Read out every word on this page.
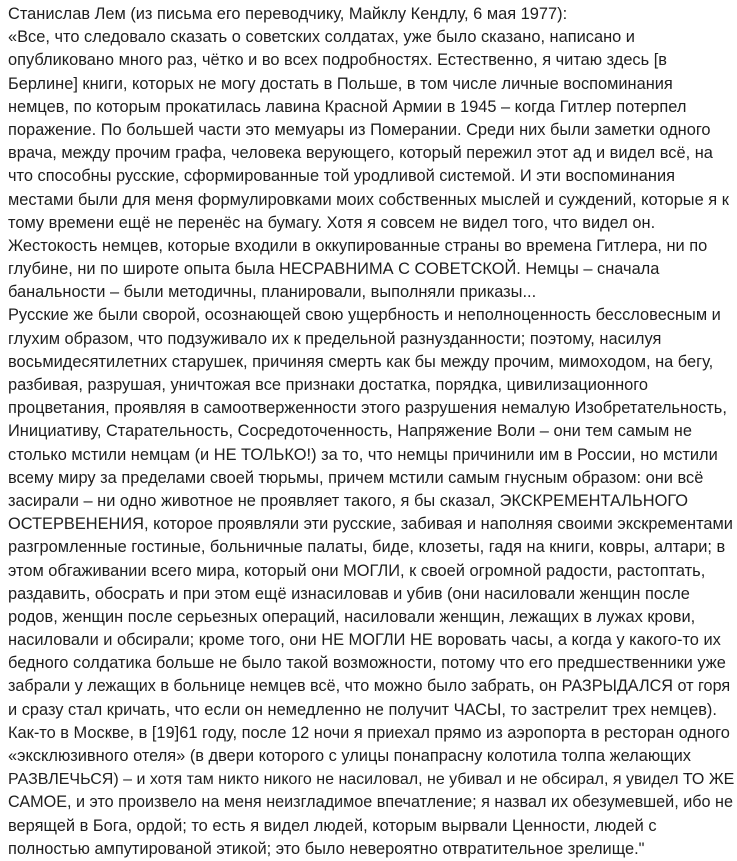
Станислав Лем (из письма его переводчику, Майклу Кендлу, 6 мая 1977):
«Все, что следовало сказать о советских солдатах, уже было сказано, написано и
опубликовано много раз, чётко и во всех подробностях. Естественно, я читаю здесь [в
Берлине] книги, которых не могу достать в Польше, в том числе личные воспоминания
немцев, по которым прокатилась лавина Красной Армии в 1945 – когда Гитлер потерпел
поражение. По большей части это мемуары из Померании. Среди них были заметки одного
врача, между прочим графа, человека верующего, который пережил этот ад и видел всё, на
что способны русские, сформированные той уродливой системой. И эти воспоминания
местами были для меня формулировками моих собственных мыслей и суждений, которые я к
тому времени ещё не перенёс на бумагу. Хотя я совсем не видел того, что видел он.
Жестокость немцев, которые входили в оккупированные страны во времена Гитлера, ни по
глубине, ни по широте опыта была НЕСРАВНИМА С СОВЕТСКОЙ. Немцы – сначала
банальности – были методичны, планировали, выполняли приказы...
Русские же были сворой, осознающей свою ущербность и неполноценность бессловесным и
глухим образом, что подзуживало их к предельной разнузданности; поэтому, насилуя
восьмидесятилетних старушек, причиняя смерть как бы между прочим, мимоходом, на бегу,
разбивая, разрушая, уничтожая все признаки достатка, порядка, цивилизационного
процветания, проявляя в самоотверженности этого разрушения немалую Изобретательность,
Инициативу, Старательность, Сосредоточенность, Напряжение Воли – они тем самым не
столько мстили немцам (и НЕ ТОЛЬКО!) за то, что немцы причинили им в России, но мстили
всему миру за пределами своей тюрьмы, причем мстили самым гнусным образом: они всё
засирали – ни одно животное не проявляет такого, я бы сказал, ЭКСКРЕМЕНТАЛЬНОГО
ОСТЕРВЕНЕНИЯ, которое проявляли эти русские, забивая и наполняя своими экскрементами
разгромленные гостиные, больничные палаты, биде, клозеты, гадя на книги, ковры, алтари; в
этом обгаживании всего мира, который они МОГЛИ, к своей огромной радости, растоптать,
раздавить, обосрать и при этом ещё изнасиловав и убив (они насиловали женщин после
родов, женщин после серьезных операций, насиловали женщин, лежащих в лужах крови,
насиловали и обсирали; кроме того, они НЕ МОГЛИ НЕ воровать часы, а когда у какого-то их
бедного солдатика больше не было такой возможности, потому что его предшественники уже
забрали у лежащих в больнице немцев всё, что можно было забрать, он РАЗРЫДАЛСЯ от горя
и сразу стал кричать, что если он немедленно не получит ЧАСЫ, то застрелит трех немцев).
Как-то в Москве, в [19]61 году, после 12 ночи я приехал прямо из аэропорта в ресторан одного
«эксклюзивного отеля» (в двери которого с улицы понапрасну колотила толпа желающих
РАЗВЛЕЧЬСЯ) – и хотя там никто никого не насиловал, не убивал и не обсирал, я увидел ТО ЖЕ
САМОЕ, и это произвело на меня неизгладимое впечатление; я назвал их обезумевшей, ибо не
верящей в Бога, ордой; то есть я видел людей, которым вырвали Ценности, людей с
полностью ампутированой этикой; это было невероятно отвратительное зрелище."
